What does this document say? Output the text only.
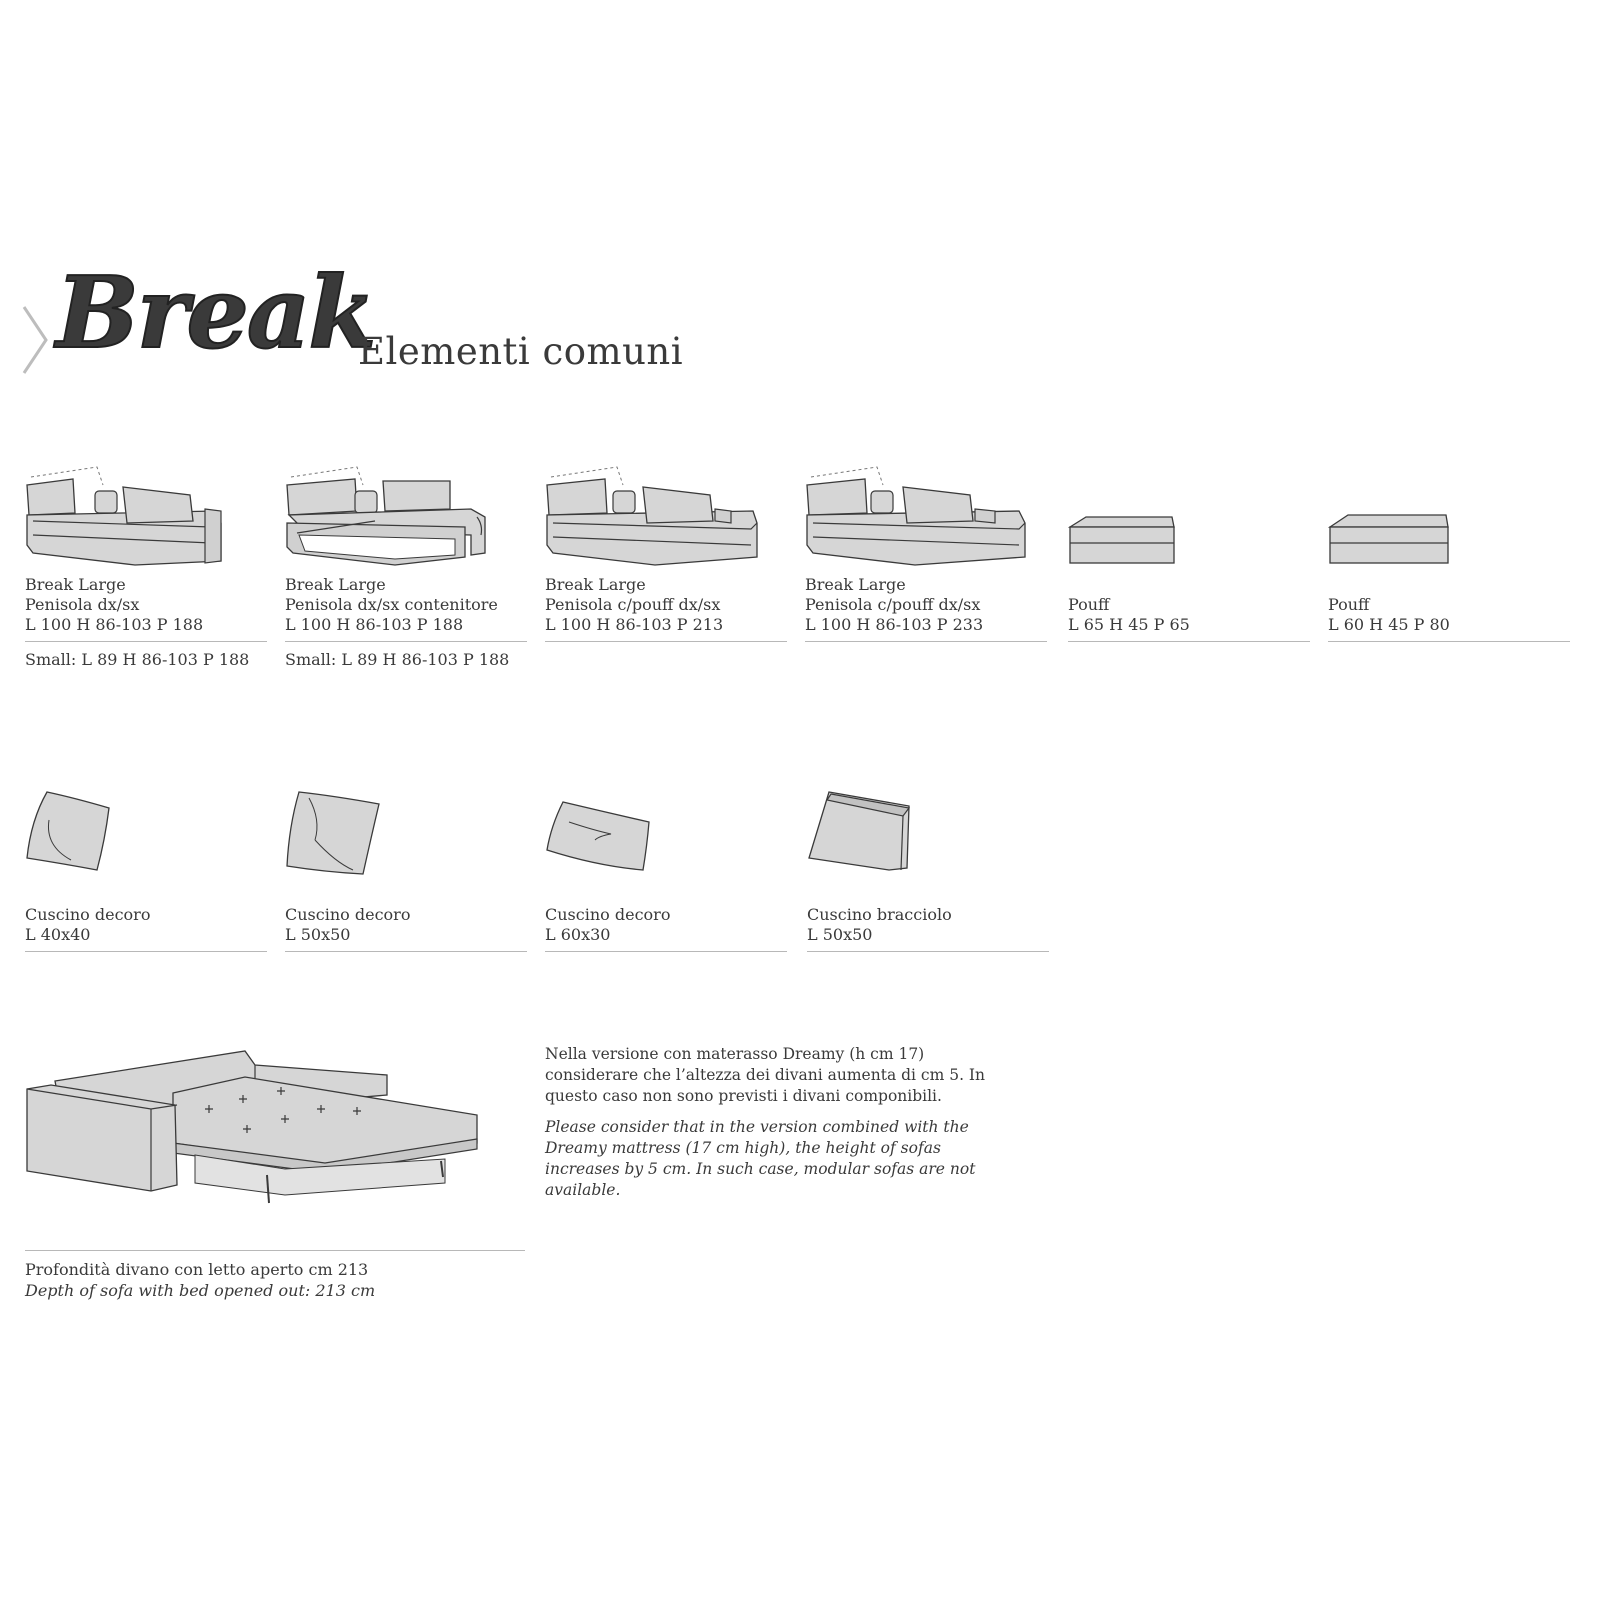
Break
Elementi comuni
Break Large
Penisola dx/sx
L 100 H 86-103 P 188
Small: L 89 H 86-103 P 188
Break Large
Penisola dx/sx contenitore
L 100 H 86-103 P 188
Small: L 89 H 86-103 P 188
Break Large
Penisola c/pouff dx/sx
L 100 H 86-103 P 213
Break Large
Penisola c/pouff dx/sx
L 100 H 86-103 P 233
Pouff
L 65 H 45 P 65
Pouff
L 60 H 45 P 80
Cuscino decoro
L 40x40
Cuscino decoro
L 50x50
Cuscino decoro
L 60x30
Cuscino bracciolo
L 50x50
Profondità divano con letto aperto cm 213
Depth of sofa with bed opened out: 213 cm
Nella versione con materasso Dreamy (h cm 17) considerare che l’altezza dei divani aumenta di cm 5. In questo caso non sono previsti i divani componibili.
Please consider that in the version combined with the Dreamy mattress (17 cm high), the height of sofas increases by 5 cm. In such case, modular sofas are not available.
